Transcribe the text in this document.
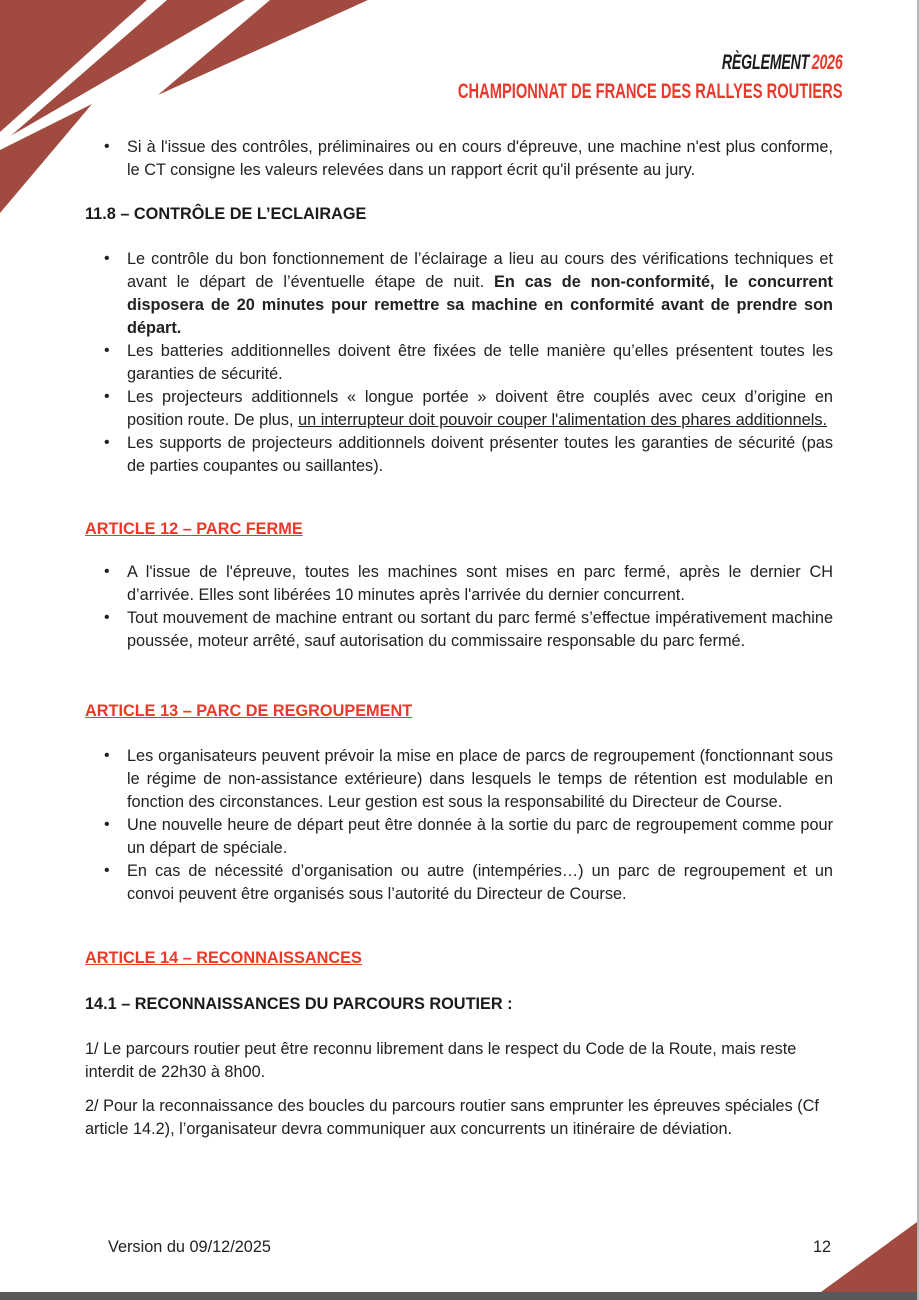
RÈGLEMENT 2026
CHAMPIONNAT DE FRANCE DES RALLYES ROUTIERS
• Si à l'issue des contrôles, préliminaires ou en cours d'épreuve, une machine n'est plus conforme, le CT consigne les valeurs relevées dans un rapport écrit qu'il présente au jury.
11.8 – CONTRÔLE DE L’ECLAIRAGE
• Le contrôle du bon fonctionnement de l’éclairage a lieu au cours des vérifications techniques et avant le départ de l’éventuelle étape de nuit. En cas de non-conformité, le concurrent disposera de 20 minutes pour remettre sa machine en conformité avant de prendre son départ.
• Les batteries additionnelles doivent être fixées de telle manière qu’elles présentent toutes les garanties de sécurité.
• Les projecteurs additionnels « longue portée » doivent être couplés avec ceux d’origine en position route. De plus, un interrupteur doit pouvoir couper l'alimentation des phares additionnels.
• Les supports de projecteurs additionnels doivent présenter toutes les garanties de sécurité (pas de parties coupantes ou saillantes).
ARTICLE 12 – PARC FERME
• A l'issue de l'épreuve, toutes les machines sont mises en parc fermé, après le dernier CH d’arrivée. Elles sont libérées 10 minutes après l'arrivée du dernier concurrent.
• Tout mouvement de machine entrant ou sortant du parc fermé s’effectue impérativement machine poussée, moteur arrêté, sauf autorisation du commissaire responsable du parc fermé.
ARTICLE 13 – PARC DE REGROUPEMENT
• Les organisateurs peuvent prévoir la mise en place de parcs de regroupement (fonctionnant sous le régime de non-assistance extérieure) dans lesquels le temps de rétention est modulable en fonction des circonstances. Leur gestion est sous la responsabilité du Directeur de Course.
• Une nouvelle heure de départ peut être donnée à la sortie du parc de regroupement comme pour un départ de spéciale.
• En cas de nécessité d’organisation ou autre (intempéries…) un parc de regroupement et un convoi peuvent être organisés sous l’autorité du Directeur de Course.
ARTICLE 14 – RECONNAISSANCES
14.1 – RECONNAISSANCES DU PARCOURS ROUTIER :

1/ Le parcours routier peut être reconnu librement dans le respect du Code de la Route, mais reste interdit de 22h30 à 8h00.

2/ Pour la reconnaissance des boucles du parcours routier sans emprunter les épreuves spéciales (Cf article 14.2), l’organisateur devra communiquer aux concurrents un itinéraire de déviation.

Version du 09/12/2025	12
